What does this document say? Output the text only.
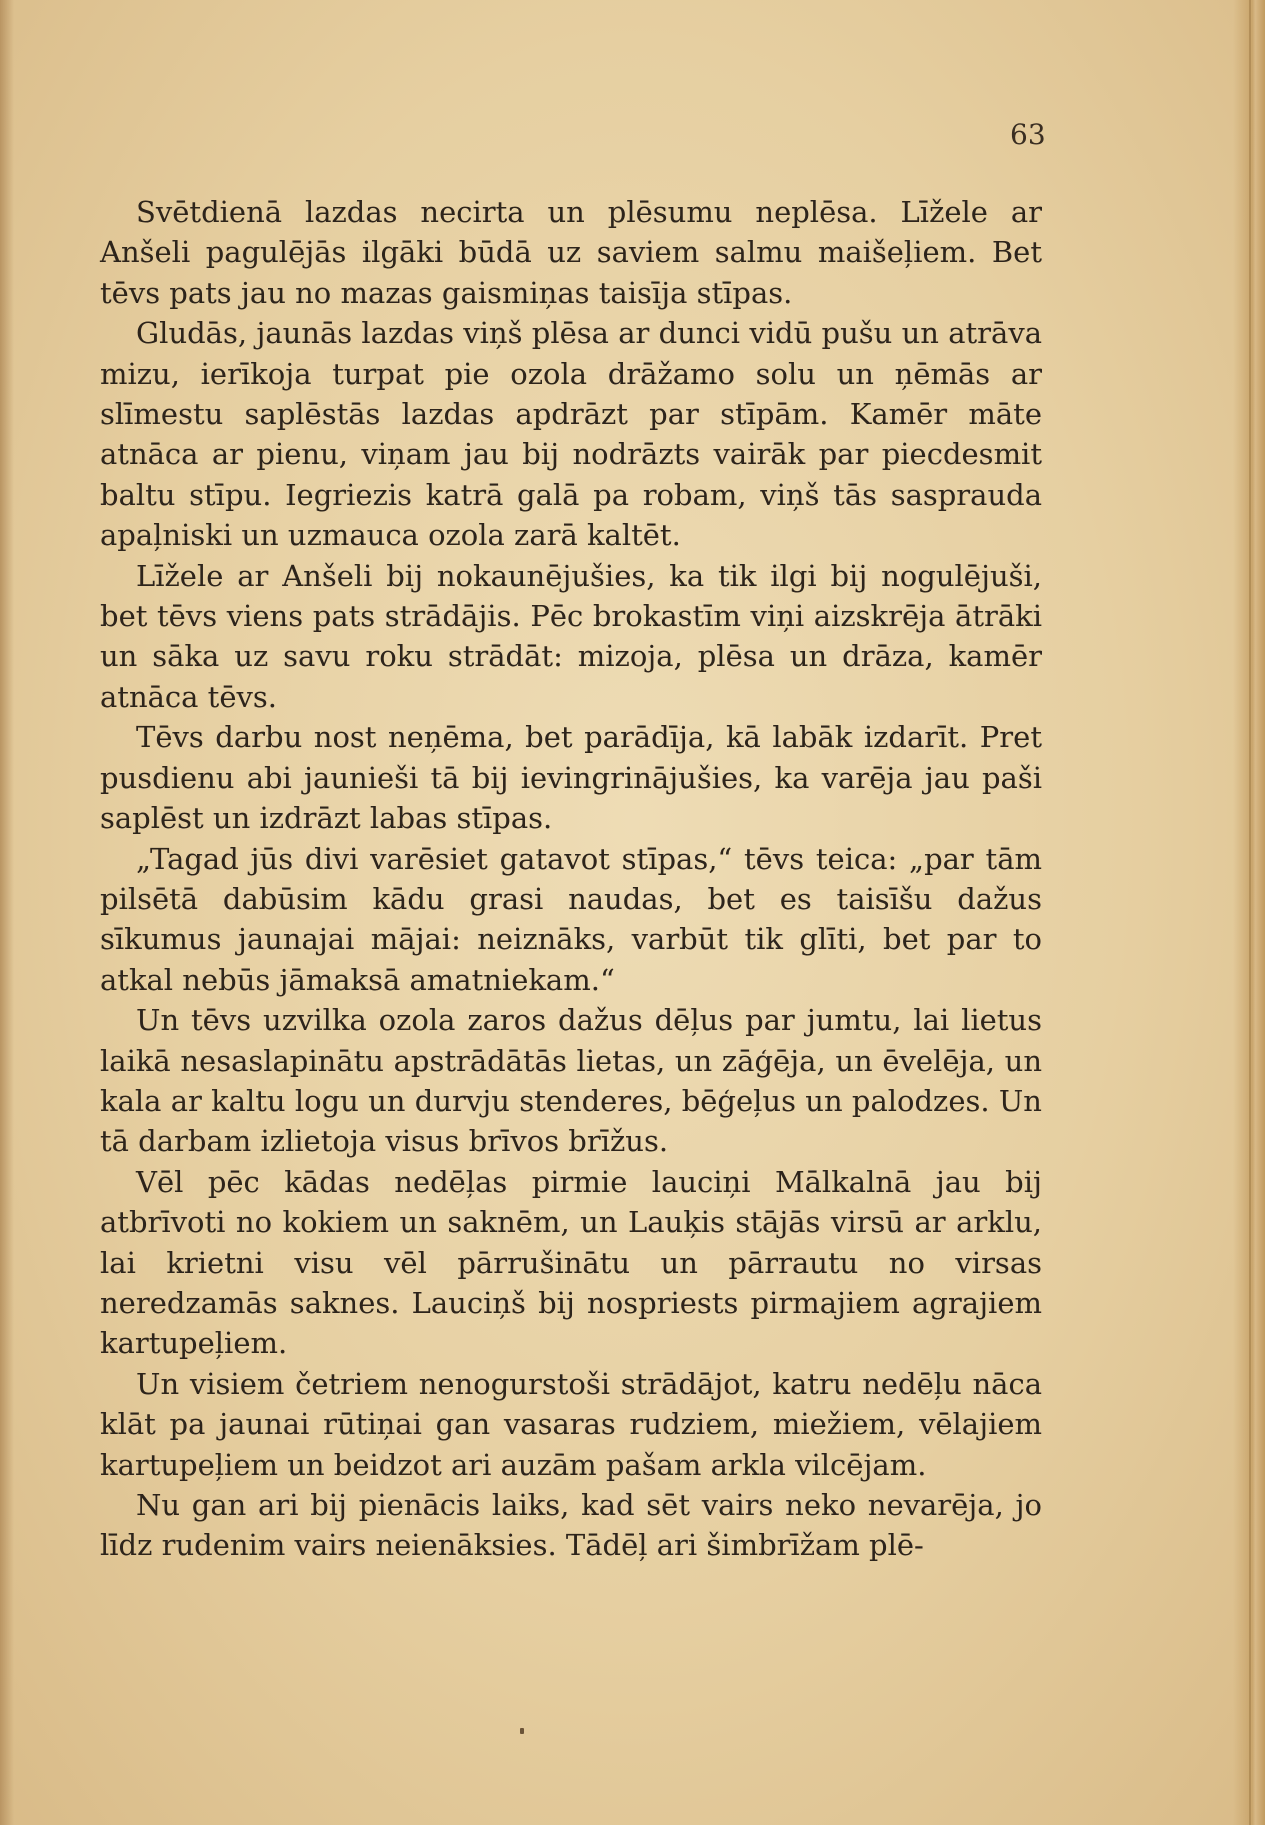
63

Svētdienā lazdas necirta un plēsumu neplēsa. Līžele ar Anšeli pagulējās ilgāki būdā uz saviem salmu maišeļiem. Bet tēvs pats jau no mazas gaismiņas taisīja stīpas.

Gludās, jaunās lazdas viņš plēsa ar dunci vidū pušu un atrāva mizu, ierīkoja turpat pie ozola drāžamo solu un ņēmās ar slīmestu saplēstās lazdas apdrāzt par stīpām. Kamēr māte atnāca ar pienu, viņam jau bij nodrāzts vairāk par piecdesmit baltu stīpu. Iegriezis katrā galā pa robam, viņš tās saspraudа apaļniski un uzmauca ozola zarā kaltēt.

Līžele ar Anšeli bij nokaunējušies, ka tik ilgi bij nogulējuši, bet tēvs viens pats strādājis. Pēc brokastīm viņi aizskrēja ātrāki un sāka uz savu roku strādāt: mizoja, plēsa un drāza, kamēr atnāca tēvs.

Tēvs darbu nost neņēma, bet parādīja, kā labāk izdarīt. Pret pusdienu abi jaunieši tā bij ievingrinājušies, ka varēja jau paši saplēst un izdrāzt labas stīpas.

„Tagad jūs divi varēsiet gatavot stīpas,“ tēvs teica: „par tām pilsētā dabūsim kādu grasi naudas, bet es taisīšu dažus sīkumus jaunajai mājai: neiznāks, varbūt tik glīti, bet par to atkal nebūs jāmaksā amatniekam.“

Un tēvs uzvilka ozola zaros dažus dēļus par jumtu, lai lietus laikā nesaslapinātu apstrādātās lietas, un zāģēja, un ēvelēja, un kala ar kaltu logu un durvju stenderes, bēģeļus un palodzes. Un tā darbam izlietoja visus brīvos brīžus.

Vēl pēc kādas nedēļas pirmie lauciņi Mālkalnā jau bij atbrīvoti no kokiem un saknēm, un Lauķis stājās virsū ar arklu, lai krietni visu vēl pārrušinātu un pārrautu no virsas neredzamās saknes. Lauciņš bij nospriests pirmajiem agrajiem kartupeļiem.

Un visiem četriem nenogurstoši strādājot, katru nedēļu nāca klāt pa jaunai rūtiņai gan vasaras rudziem, miežiem, vēlajiem kartupeļiem un beidzot ari auzām pašam arkla vilcējam.

Nu gan ari bij pienācis laiks, kad sēt vairs neko nevarēja, jo līdz rudenim vairs neienāksies. Tādēļ ari šimbrīžam plē-
